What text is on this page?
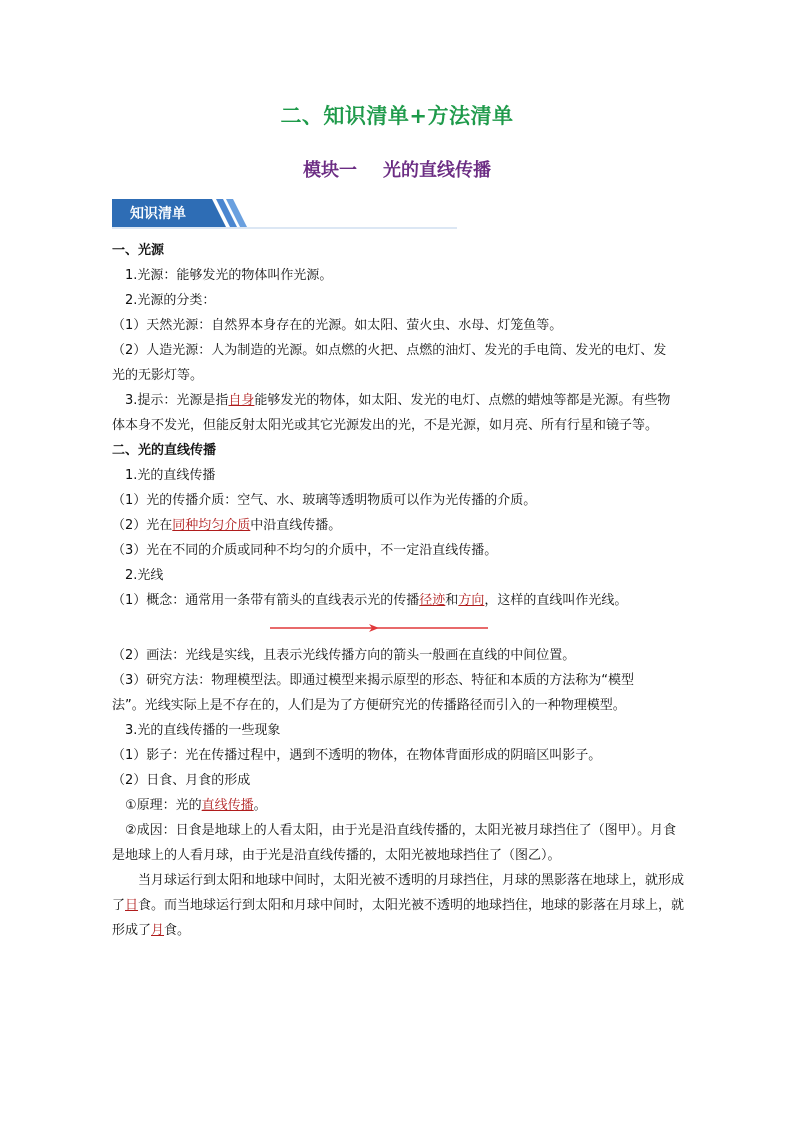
二、知识清单+方法清单
模块一 光的直线传播
知识清单

一、光源

1.光源：能够发光的物体叫作光源。

2.光源的分类：

（1）天然光源：自然界本身存在的光源。如太阳、萤火虫、水母、灯笼鱼等。

（2）人造光源：人为制造的光源。如点燃的火把、点燃的油灯、发光的手电筒、发光的电灯、发

光的无影灯等。

3.提示：光源是指自身能够发光的物体，如太阳、发光的电灯、点燃的蜡烛等都是光源。有些物

体本身不发光，但能反射太阳光或其它光源发出的光，不是光源，如月亮、所有行星和镜子等。

二、光的直线传播

1.光的直线传播

（1）光的传播介质：空气、水、玻璃等透明物质可以作为光传播的介质。

（2）光在同种均匀介质中沿直线传播。

（3）光在不同的介质或同种不均匀的介质中，不一定沿直线传播。

2.光线

（1）概念：通常用一条带有箭头的直线表示光的传播径迹和方向，这样的直线叫作光线。

（2）画法：光线是实线，且表示光线传播方向的箭头一般画在直线的中间位置。

（3）研究方法：物理模型法。即通过模型来揭示原型的形态、特征和本质的方法称为“模型

法”。光线实际上是不存在的，人们是为了方便研究光的传播路径而引入的一种物理模型。

3.光的直线传播的一些现象

（1）影子：光在传播过程中，遇到不透明的物体，在物体背面形成的阴暗区叫影子。

（2）日食、月食的形成

①原理：光的直线传播。

②成因：日食是地球上的人看太阳，由于光是沿直线传播的，太阳光被月球挡住了（图甲）。月食

是地球上的人看月球，由于光是沿直线传播的，太阳光被地球挡住了（图乙）。

当月球运行到太阳和地球中间时，太阳光被不透明的月球挡住，月球的黑影落在地球上，就形成

了日食。而当地球运行到太阳和月球中间时，太阳光被不透明的地球挡住，地球的影落在月球上，就

形成了月食。
